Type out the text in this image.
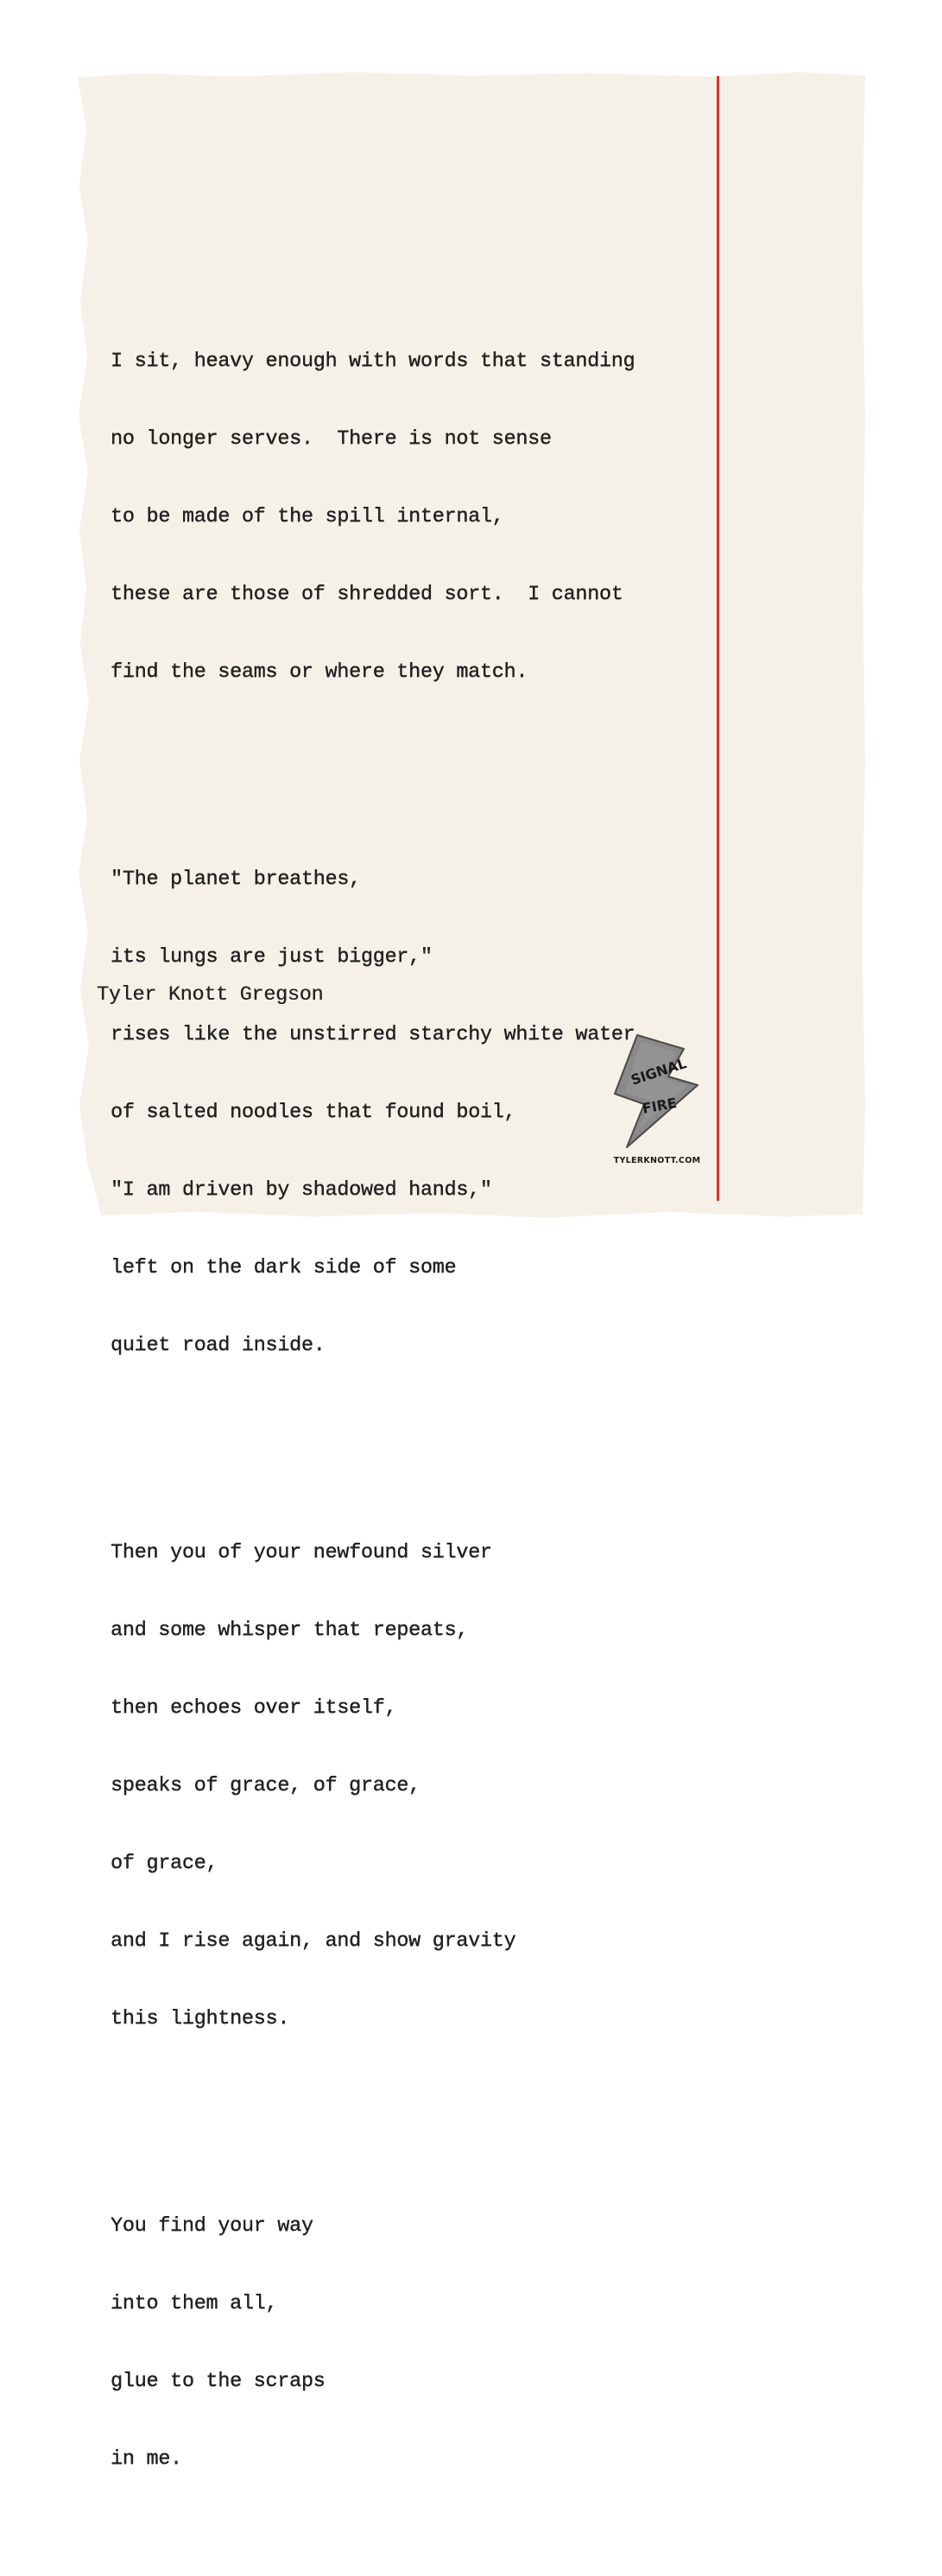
I sit, heavy enough with words that standing

no longer serves.  There is not sense

to be made of the spill internal,

these are those of shredded sort.  I cannot

find the seams or where they match.

"The planet breathes,

its lungs are just bigger,"

rises like the unstirred starchy white water

of salted noodles that found boil,

"I am driven by shadowed hands,"

left on the dark side of some

quiet road inside.

Then you of your newfound silver

and some whisper that repeats,

then echoes over itself,

speaks of grace, of grace,

of grace,

and I rise again, and show gravity

this lightness.

You find your way

into them all,

glue to the scraps

in me.

Tyler Knott Gregson
SIGNAL
FIRE
TYLERKNOTT.COM
